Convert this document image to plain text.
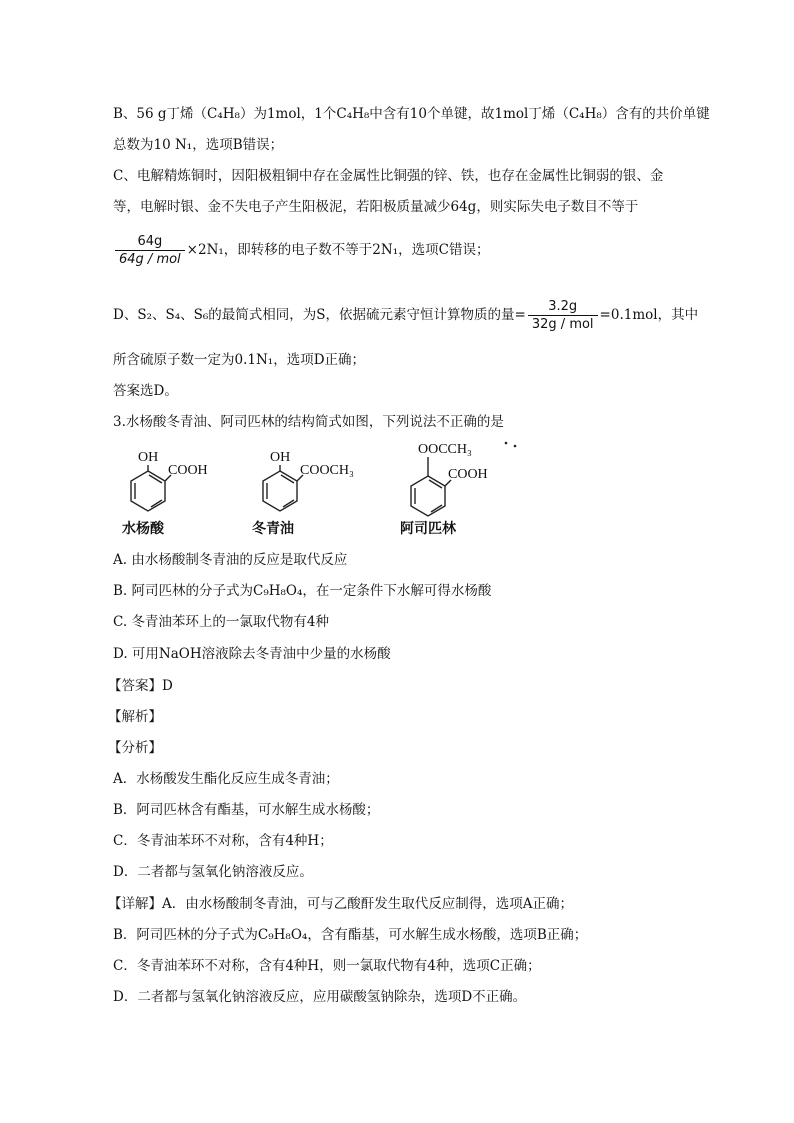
B、56 g丁烯（C₄H₈）为1mol，1个C₄H₈中含有10个单键，故1mol丁烯（C₄H₈）含有的共价单键
总数为10 N₁，选项B错误；
C、电解精炼铜时，因阳极粗铜中存在金属性比铜强的锌、铁，也存在金属性比铜弱的银、金
等，电解时银、金不失电子产生阳极泥，若阳极质量减少64g，则实际失电子数目不等于
$\frac{64g}{\text{64g / mol}} \times 2N_1$，即转移的电子数不等于2N₁，选项C错误；
D、S₂、S₄、S₆的最简式相同，为S，依据硫元素守恒计算物质的量= $\frac{3.2g}{\text{32g / mol}} =0.1mol$，其中
所含硫原子数一定为0.1N₁，选项D正确；
答案选D。
3.水杨酸冬青油、阿司匹林的结构简式如图，下列说法不正确的是
OH
COOH
水杨酸
OH
COOCH₃
冬青油
OOCCH₃
COOH
阿司匹林
A. 由水杨酸制冬青油的反应是取代反应
B. 阿司匹林的分子式为C₉H₈O₄，在一定条件下水解可得水杨酸
C. 冬青油苯环上的一氯取代物有4种
D. 可用NaOH溶液除去冬青油中少量的水杨酸
【答案】D
【解析】
【分析】
A．水杨酸发生酯化反应生成冬青油；
B．阿司匹林含有酯基，可水解生成水杨酸；
C．冬青油苯环不对称，含有4种H；
D．二者都与氢氧化钠溶液反应。
【详解】A．由水杨酸制冬青油，可与乙酸酐发生取代反应制得，选项A正确；
B．阿司匹林的分子式为C₉H₈O₄，含有酯基，可水解生成水杨酸，选项B正确；
C．冬青油苯环不对称，含有4种H，则一氯取代物有4种，选项C正确；
D．二者都与氢氧化钠溶液反应，应用碳酸氢钠除杂，选项D不正确。
